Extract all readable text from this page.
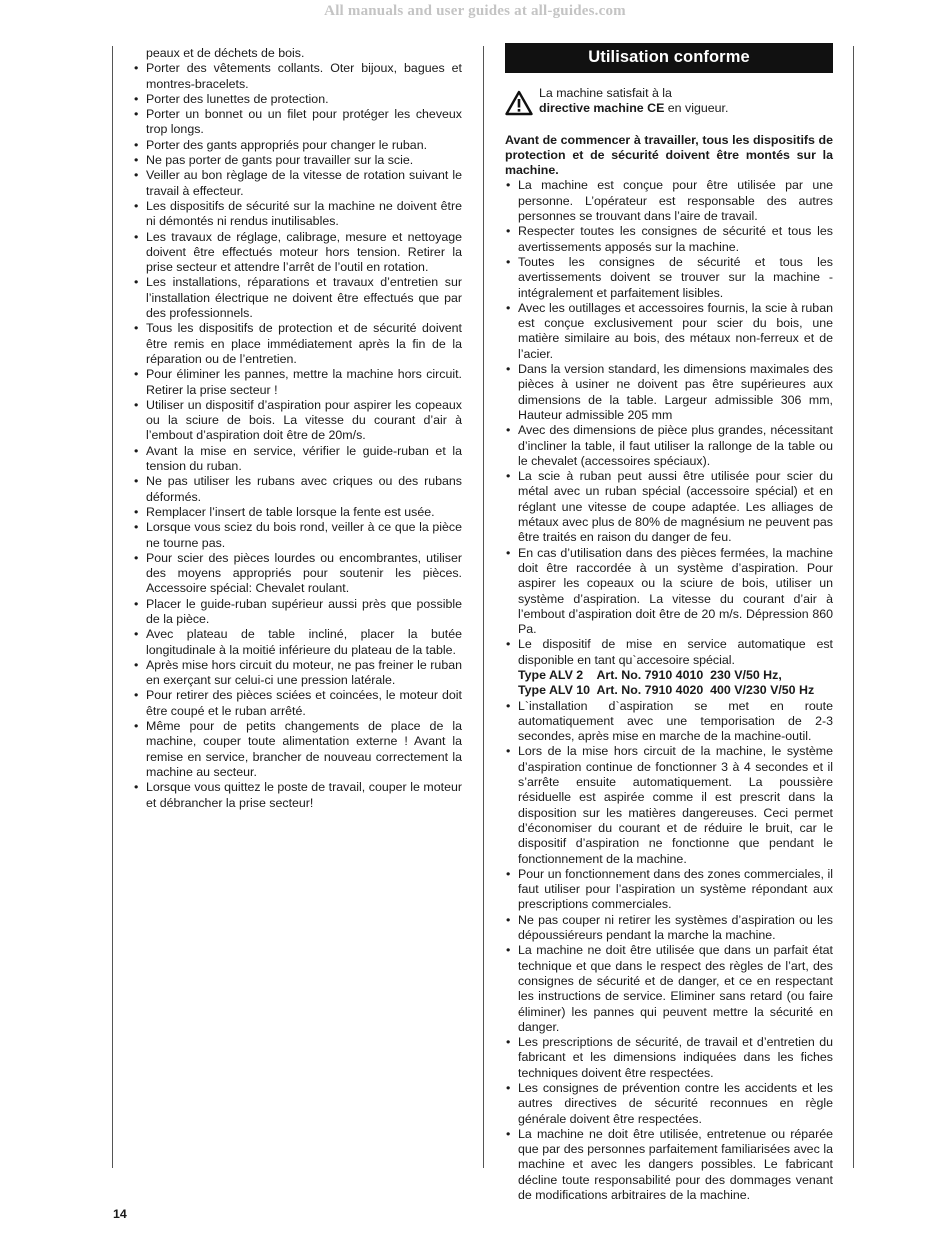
All manuals and user guides at all-guides.com
peaux et de déchets de bois.
• Porter des vêtements collants. Oter bijoux, bagues et montres-bracelets.
• Porter des lunettes de protection.
• Porter un bonnet ou un filet pour protéger les cheveux trop longs.
• Porter des gants appropriés pour changer le ruban.
• Ne pas porter de gants pour travailler sur la scie.
• Veiller au bon règlage de la vitesse de rotation suivant le travail à effecteur.
• Les dispositifs de sécurité sur la machine ne doivent être ni démontés ni rendus inutilisables.
• Les travaux de réglage, calibrage, mesure et nettoyage doivent être effectués moteur hors tension. Retirer la prise secteur et attendre l’arrêt de l’outil en rotation.
• Les installations, réparations et travaux d’entretien sur l’installation électrique ne doivent être effectués que par des professionnels.
• Tous les dispositifs de protection et de sécurité doivent être remis en place immédiatement après la fin de la réparation ou de l’entretien.
• Pour éliminer les pannes, mettre la machine hors circuit. Retirer la prise secteur !
• Utiliser un dispositif d’aspiration pour aspirer les copeaux ou la sciure de bois. La vitesse du courant d’air à l’embout d’aspiration doit être de 20m/s.
• Avant la mise en service, vérifier le guide-ruban et la tension du ruban.
• Ne pas utiliser les rubans avec criques ou des rubans déformés.
• Remplacer l’insert de table lorsque la fente est usée.
• Lorsque vous sciez du bois rond, veiller à ce que la pièce ne tourne pas.
• Pour scier des pièces lourdes ou encombrantes, utiliser des moyens appropriés pour soutenir les pièces. Accessoire spécial: Chevalet roulant.
• Placer le guide-ruban supérieur aussi près que possible de la pièce.
• Avec plateau de table incliné, placer la butée longitudinale à la moitié inférieure du plateau de la table.
• Après mise hors circuit du moteur, ne pas freiner le ruban en exerçant sur celui-ci une pression latérale.
• Pour retirer des pièces sciées et coincées, le moteur doit être coupé et le ruban arrêté.
• Même pour de petits changements de place de la machine, couper toute alimentation externe ! Avant la remise en service, brancher de nouveau correctement la machine au secteur.
• Lorsque vous quittez le poste de travail, couper le moteur et débrancher la prise secteur!
Utilisation conforme
La machine satisfait à la
directive machine CE en vigueur.

Avant de commencer à travailler, tous les dispositifs de protection et de sécurité doivent être montés sur la machine.

• La machine est conçue pour être utilisée par une personne. L’opérateur est responsable des autres personnes se trouvant dans l’aire de travail.
• Respecter toutes les consignes de sécurité et tous les avertissements apposés sur la machine.
• Toutes les consignes de sécurité et tous les avertissements doivent se trouver sur la machine - intégralement et parfaitement lisibles.
• Avec les outillages et accessoires fournis, la scie à ruban est conçue exclusivement pour scier du bois, une matière similaire au bois, des métaux non-ferreux et de l’acier.
• Dans la version standard, les dimensions maximales des pièces à usiner ne doivent pas être supérieures aux dimensions de la table. Largeur admissible 306 mm, Hauteur admissible 205 mm
• Avec des dimensions de pièce plus grandes, nécessitant d’incliner la table, il faut utiliser la rallonge de la table ou le chevalet (accessoires spéciaux).
• La scie à ruban peut aussi être utilisée pour scier du métal avec un ruban spécial (accessoire spécial) et en réglant une vitesse de coupe adaptée. Les alliages de métaux avec plus de 80% de magnésium ne peuvent pas être traités en raison du danger de feu.
• En cas d’utilisation dans des pièces fermées, la machine doit être raccordée à un système d’aspiration. Pour aspirer les copeaux ou la sciure de bois, utiliser un système d’aspiration. La vitesse du courant d’air à l’embout d’aspiration doit être de 20 m/s. Dépression 860 Pa.
• Le dispositif de mise en service automatique est disponible en tant qu`accesoire spécial.
Type ALV 2    Art. No. 7910 4010  230 V/50 Hz,
Type ALV 10  Art. No. 7910 4020  400 V/230 V/50 Hz
• L`installation d`aspiration se met en route automatiquement avec une temporisation de 2-3 secondes, après mise en marche de la machine-outil.
• Lors de la mise hors circuit de la machine, le système d’aspiration continue de fonctionner 3 à 4 secondes et il s’arrête ensuite automatiquement. La poussière résiduelle est aspirée comme il est prescrit dans la disposition sur les matières dangereuses. Ceci permet d’économiser du courant et de réduire le bruit, car le dispositif d’aspiration ne fonctionne que pendant le fonctionnement de la machine.
• Pour un fonctionnement dans des zones commerciales, il faut utiliser pour l’aspiration un système répondant aux prescriptions commerciales.
• Ne pas couper ni retirer les systèmes d’aspiration ou les dépoussiéreurs pendant la marche la machine.
• La machine ne doit être utilisée que dans un parfait état technique et que dans le respect des règles de l’art, des consignes de sécurité et de danger, et ce en respectant les instructions de service. Eliminer sans retard (ou faire éliminer) les pannes qui peuvent mettre la sécurité en danger.
• Les prescriptions de sécurité, de travail et d’entretien du fabricant et les dimensions indiquées dans les fiches techniques doivent être respectées.
• Les consignes de prévention contre les accidents et les autres directives de sécurité reconnues en règle générale doivent être respectées.
• La machine ne doit être utilisée, entretenue ou réparée que par des personnes parfaitement familiarisées avec la machine et avec les dangers possibles. Le fabricant décline toute responsabilité pour des dommages venant de modifications arbitraires de la machine.
14
